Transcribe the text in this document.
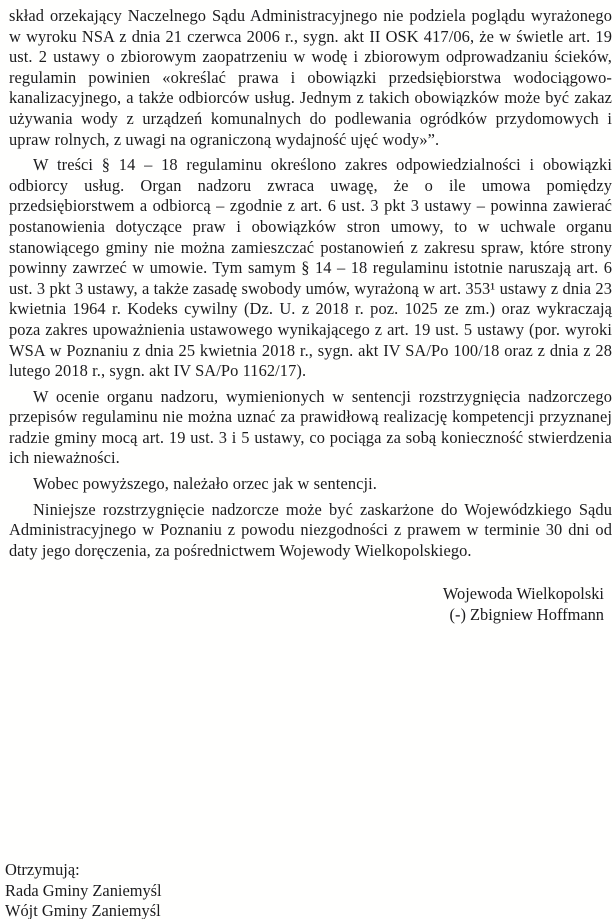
skład orzekający Naczelnego Sądu Administracyjnego nie podziela poglądu wyrażonego w wyroku NSA z dnia 21 czerwca 2006 r., sygn. akt II OSK 417/06, że w świetle art. 19 ust. 2 ustawy o zbiorowym zaopatrzeniu w wodę i zbiorowym odprowadzaniu ścieków, regulamin powinien «określać prawa i obowiązki przedsiębiorstwa wodociągowo-kanalizacyjnego, a także odbiorców usług. Jednym z takich obowiązków może być zakaz używania wody z urządzeń komunalnych do podlewania ogródków przydomowych i upraw rolnych, z uwagi na ograniczoną wydajność ujęć wody»”.

W treści § 14 – 18 regulaminu określono zakres odpowiedzialności i obowiązki odbiorcy usług. Organ nadzoru zwraca uwagę, że o ile umowa pomiędzy przedsiębiorstwem a odbiorcą – zgodnie z art. 6 ust. 3 pkt 3 ustawy – powinna zawierać postanowienia dotyczące praw i obowiązków stron umowy, to w uchwale organu stanowiącego gminy nie można zamieszczać postanowień z zakresu spraw, które strony powinny zawrzeć w umowie. Tym samym § 14 – 18 regulaminu istotnie naruszają art. 6 ust. 3 pkt 3 ustawy, a także zasadę swobody umów, wyrażoną w art. 353¹ ustawy z dnia 23 kwietnia 1964 r. Kodeks cywilny (Dz. U. z 2018 r. poz. 1025 ze zm.) oraz wykraczają poza zakres upoważnienia ustawowego wynikającego z art. 19 ust. 5 ustawy (por. wyroki WSA w Poznaniu z dnia 25 kwietnia 2018 r., sygn. akt IV SA/Po 100/18 oraz z dnia z 28 lutego 2018 r., sygn. akt IV SA/Po 1162/17).

W ocenie organu nadzoru, wymienionych w sentencji rozstrzygnięcia nadzorczego przepisów regulaminu nie można uznać za prawidłową realizację kompetencji przyznanej radzie gminy mocą art. 19 ust. 3 i 5 ustawy, co pociąga za sobą konieczność stwierdzenia ich nieważności.

Wobec powyższego, należało orzec jak w sentencji.

Niniejsze rozstrzygnięcie nadzorcze może być zaskarżone do Wojewódzkiego Sądu Administracyjnego w Poznaniu z powodu niezgodności z prawem w terminie 30 dni od daty jego doręczenia, za pośrednictwem Wojewody Wielkopolskiego.

Wojewoda Wielkopolski
(-) Zbigniew Hoffmann
Otrzymują:
Rada Gminy Zaniemyśl
Wójt Gminy Zaniemyśl
